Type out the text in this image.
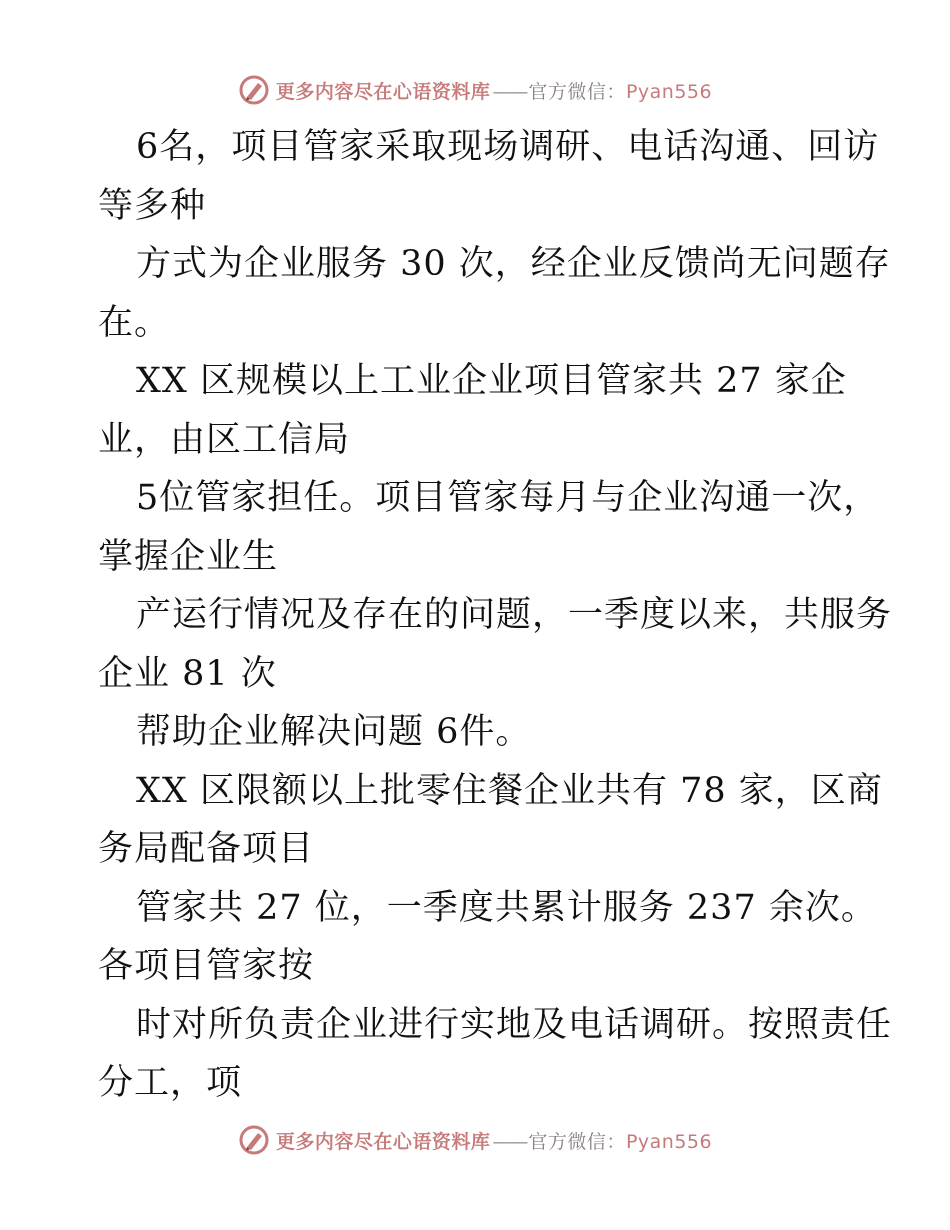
更多内容尽在心语资料库 —— 官方微信：Pyan556
6名，项目管家采取现场调研、电话沟通、回访
等多种
方式为企业服务 30 次，经企业反馈尚无问题存
在。
XX 区规模以上工业企业项目管家共 27 家企
业，由区工信局
5位管家担任。项目管家每月与企业沟通一次，
掌握企业生
产运行情况及存在的问题，一季度以来，共服务
企业 81 次
帮助企业解决问题 6件。
XX 区限额以上批零住餐企业共有 78 家，区商
务局配备项目
管家共 27 位，一季度共累计服务 237 余次。
各项目管家按
时对所负责企业进行实地及电话调研。按照责任
分工，项
更多内容尽在心语资料库 —— 官方微信：Pyan556
